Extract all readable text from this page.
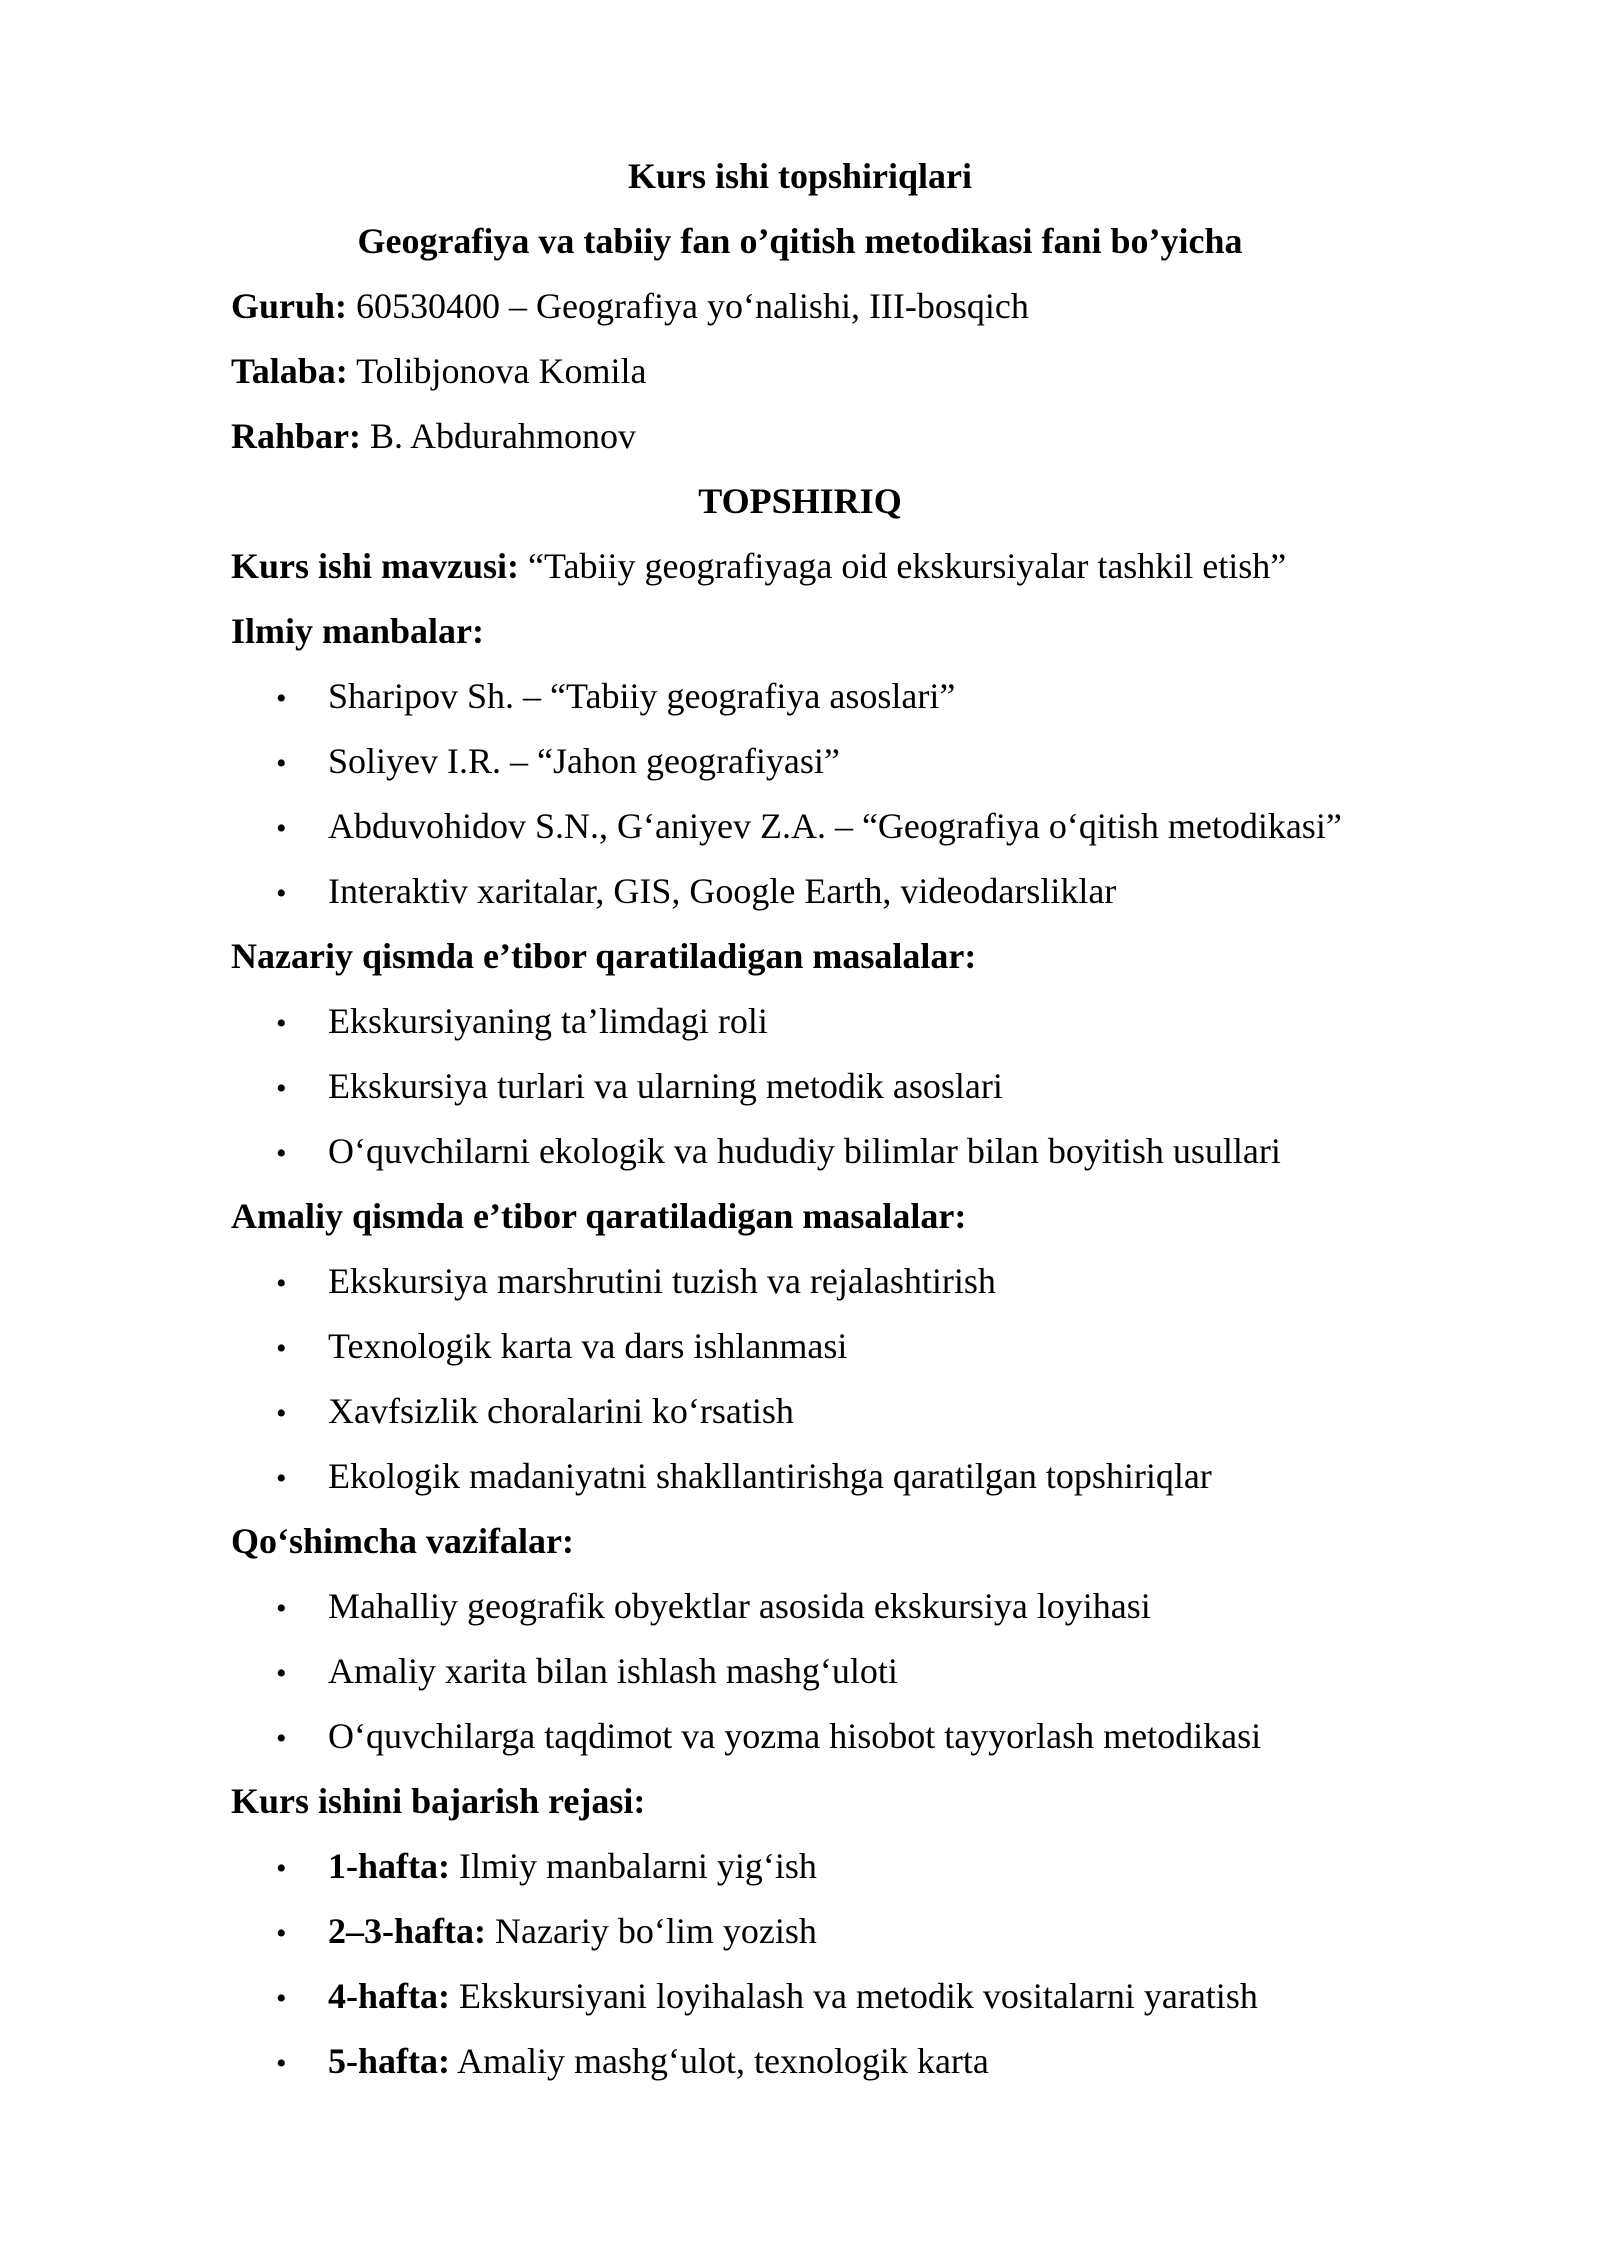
Kurs ishi topshiriqlari
Geografiya va tabiiy fan o’qitish metodikasi fani bo’yicha
Guruh: 60530400 – Geografiya yo‘nalishi, III-bosqich
Talaba: Tolibjonova Komila
Rahbar: B. Abdurahmonov
TOPSHIRIQ
Kurs ishi mavzusi: “Tabiiy geografiyaga oid ekskursiyalar tashkil etish”
Ilmiy manbalar:
• Sharipov Sh. – “Tabiiy geografiya asoslari”
• Soliyev I.R. – “Jahon geografiyasi”
• Abduvohidov S.N., G‘aniyev Z.A. – “Geografiya o‘qitish metodikasi”
• Interaktiv xaritalar, GIS, Google Earth, videodarsliklar
Nazariy qismda e’tibor qaratiladigan masalalar:
• Ekskursiyaning ta’limdagi roli
• Ekskursiya turlari va ularning metodik asoslari
• O‘quvchilarni ekologik va hududiy bilimlar bilan boyitish usullari
Amaliy qismda e’tibor qaratiladigan masalalar:
• Ekskursiya marshrutini tuzish va rejalashtirish
• Texnologik karta va dars ishlanmasi
• Xavfsizlik choralarini ko‘rsatish
• Ekologik madaniyatni shakllantirishga qaratilgan topshiriqlar
Qo‘shimcha vazifalar:
• Mahalliy geografik obyektlar asosida ekskursiya loyihasi
• Amaliy xarita bilan ishlash mashg‘uloti
• O‘quvchilarga taqdimot va yozma hisobot tayyorlash metodikasi
Kurs ishini bajarish rejasi:
• 1-hafta: Ilmiy manbalarni yig‘ish
• 2–3-hafta: Nazariy bo‘lim yozish
• 4-hafta: Ekskursiyani loyihalash va metodik vositalarni yaratish
• 5-hafta: Amaliy mashg‘ulot, texnologik karta
